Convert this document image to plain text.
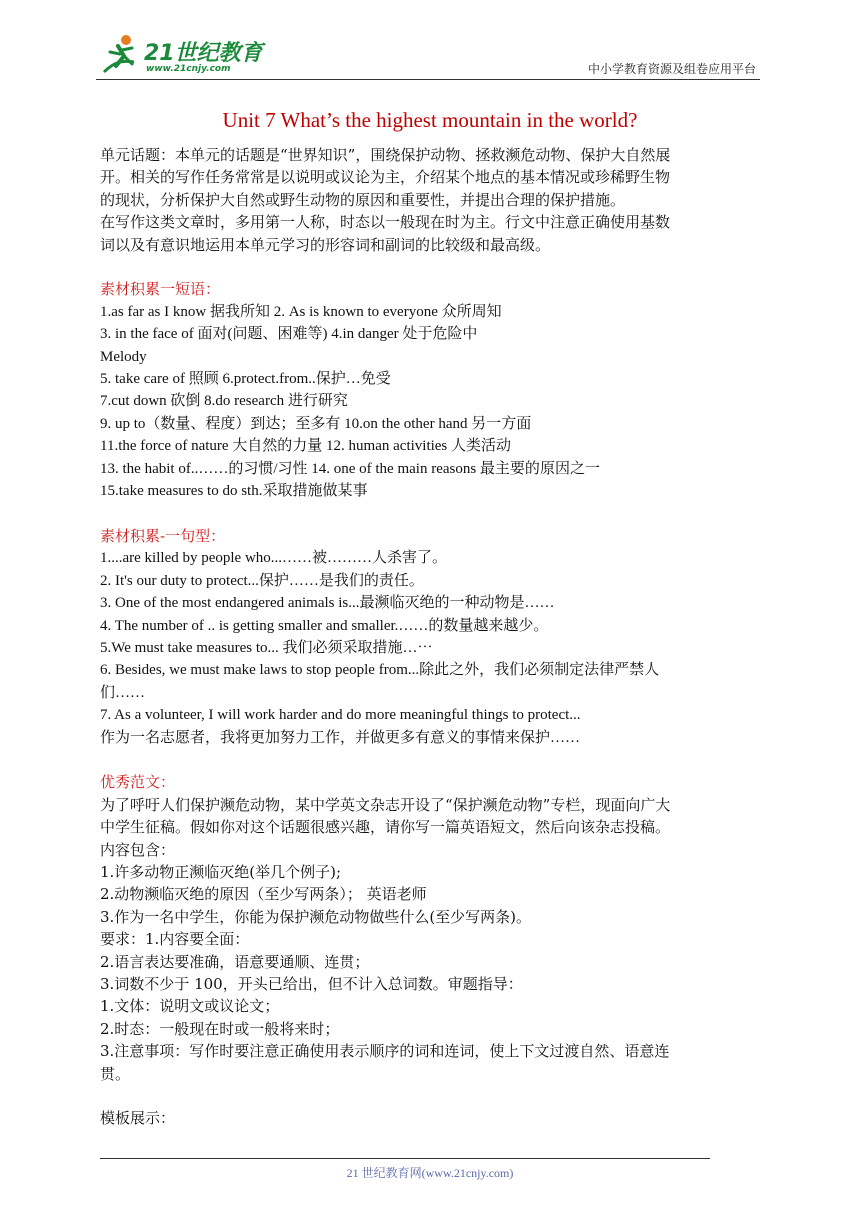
21世纪教育
www.21cnjy.com	中小学教育资源及组卷应用平台
Unit 7 What’s the highest mountain in the world?

单元话题：本单元的话题是“世界知识”，围绕保护动物、拯救濒危动物、保护大自然展

开。相关的写作任务常常是以说明或议论为主，介绍某个地点的基本情况或珍稀野生物

的现状，分析保护大自然或野生动物的原因和重要性，并提出合理的保护措施。

在写作这类文章时，多用第一人称，时态以一般现在时为主。行文中注意正确使用基数

词以及有意识地运用本单元学习的形容词和副词的比较级和最高级。

素材积累一短语：

1.as far as I know 据我所知 2. As is known to everyone 众所周知

3. in the face of 面对(问题、困难等) 4.in danger 处于危险中

Melody

5. take care of 照顾 6.protect.from..保护…免受

7.cut down 砍倒 8.do research 进行研究

9. up to（数量、程度）到达；至多有 10.on the other hand 另一方面

11.the force of nature 大自然的力量 12. human activities 人类活动

13. the habit of..……的习惯/习性 14. one of the main reasons 最主要的原因之一

15.take measures to do sth.采取措施做某事

素材积累-一句型：

1....are killed by people who...……被………人杀害了。

2. It's our duty to protect...保护……是我们的责任。

3. One of the most endangered animals is...最濒临灭绝的一种动物是……

4. The number of .. is getting smaller and smaller.……的数量越来越少。

5.We must take measures to... 我们必须采取措施…⋯

6. Besides, we must make laws to stop people from...除此之外，我们必须制定法律严禁人

们……

7. As a volunteer, I will work harder and do more meaningful things to protect...

作为一名志愿者，我将更加努力工作，并做更多有意义的事情来保护……

优秀范文：

为了呼吁人们保护濒危动物，某中学英文杂志开设了“保护濒危动物”专栏，现面向广大

中学生征稿。假如你对这个话题很感兴趣，请你写一篇英语短文，然后向该杂志投稿。

内容包含：

1.许多动物正濒临灭绝(举几个例子);

2.动物濒临灭绝的原因（至少写两条）； 英语老师

3.作为一名中学生，你能为保护濒危动物做些什么(至少写两条)。

要求：1.内容要全面：

2.语言表达要准确，语意要通顺、连贯；

3.词数不少于 100，开头已给出，但不计入总词数。审题指导：

1.文体：说明文或议论文；

2.时态：一般现在时或一般将来时；

3.注意事项：写作时要注意正确使用表示顺序的词和连词，使上下文过渡自然、语意连

贯。

模板展示：

21 世纪教育网(www.21cnjy.com)
